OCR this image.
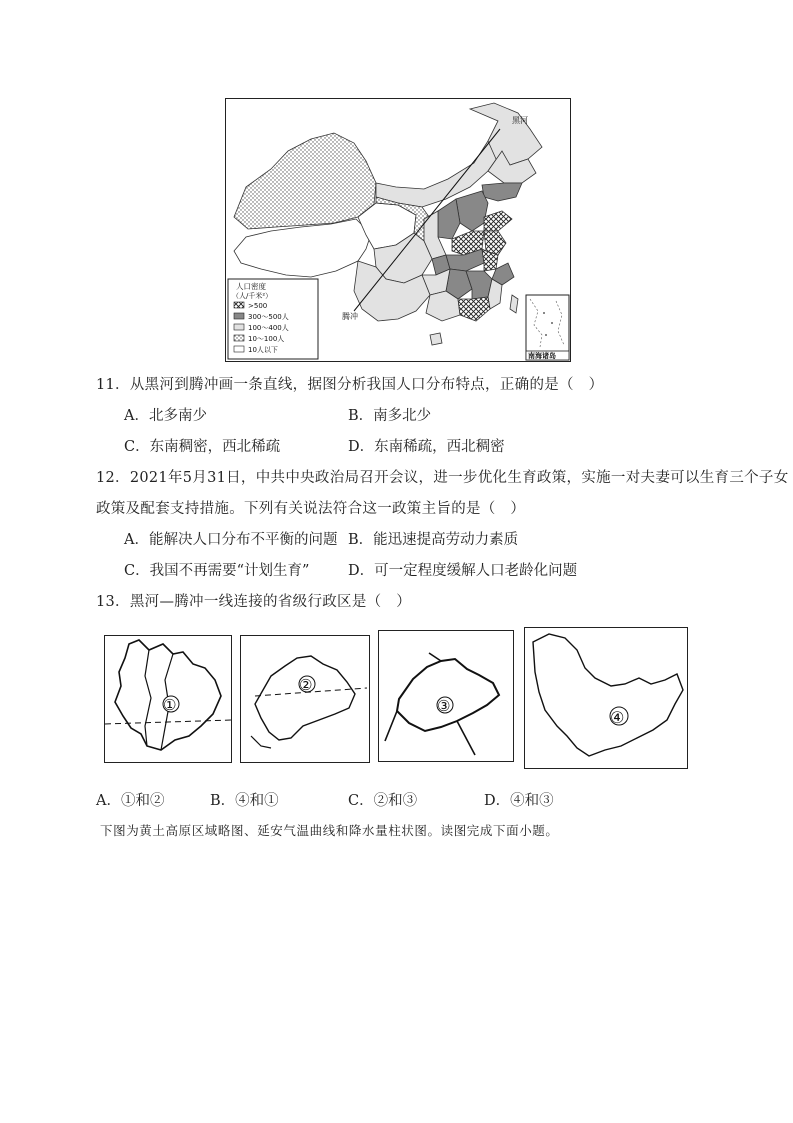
黑河
腾冲
南海诸岛
人口密度
（人/千米²）
>500
300～500人
100～400人
10～100人
10人以下
11．从黑河到腾冲画一条直线，据图分析我国人口分布特点，正确的是（　）
A．北多南少	B．南多北少
C．东南稠密，西北稀疏	D．东南稀疏，西北稠密
12．2021年5月31日，中共中央政治局召开会议，进一步优化生育政策，实施一对夫妻可以生育三个子女
政策及配套支持措施。下列有关说法符合这一政策主旨的是（　）
A．能解决人口分布不平衡的问题 B．能迅速提高劳动力素质
C．我国不再需要“计划生育”	D．可一定程度缓解人口老龄化问题
13．黑河—腾冲一线连接的省级行政区是（　）
①
②
③
④
A．①和②	B．④和①	C．②和③	D．④和③
下图为黄土高原区域略图、延安气温曲线和降水量柱状图。读图完成下面小题。
